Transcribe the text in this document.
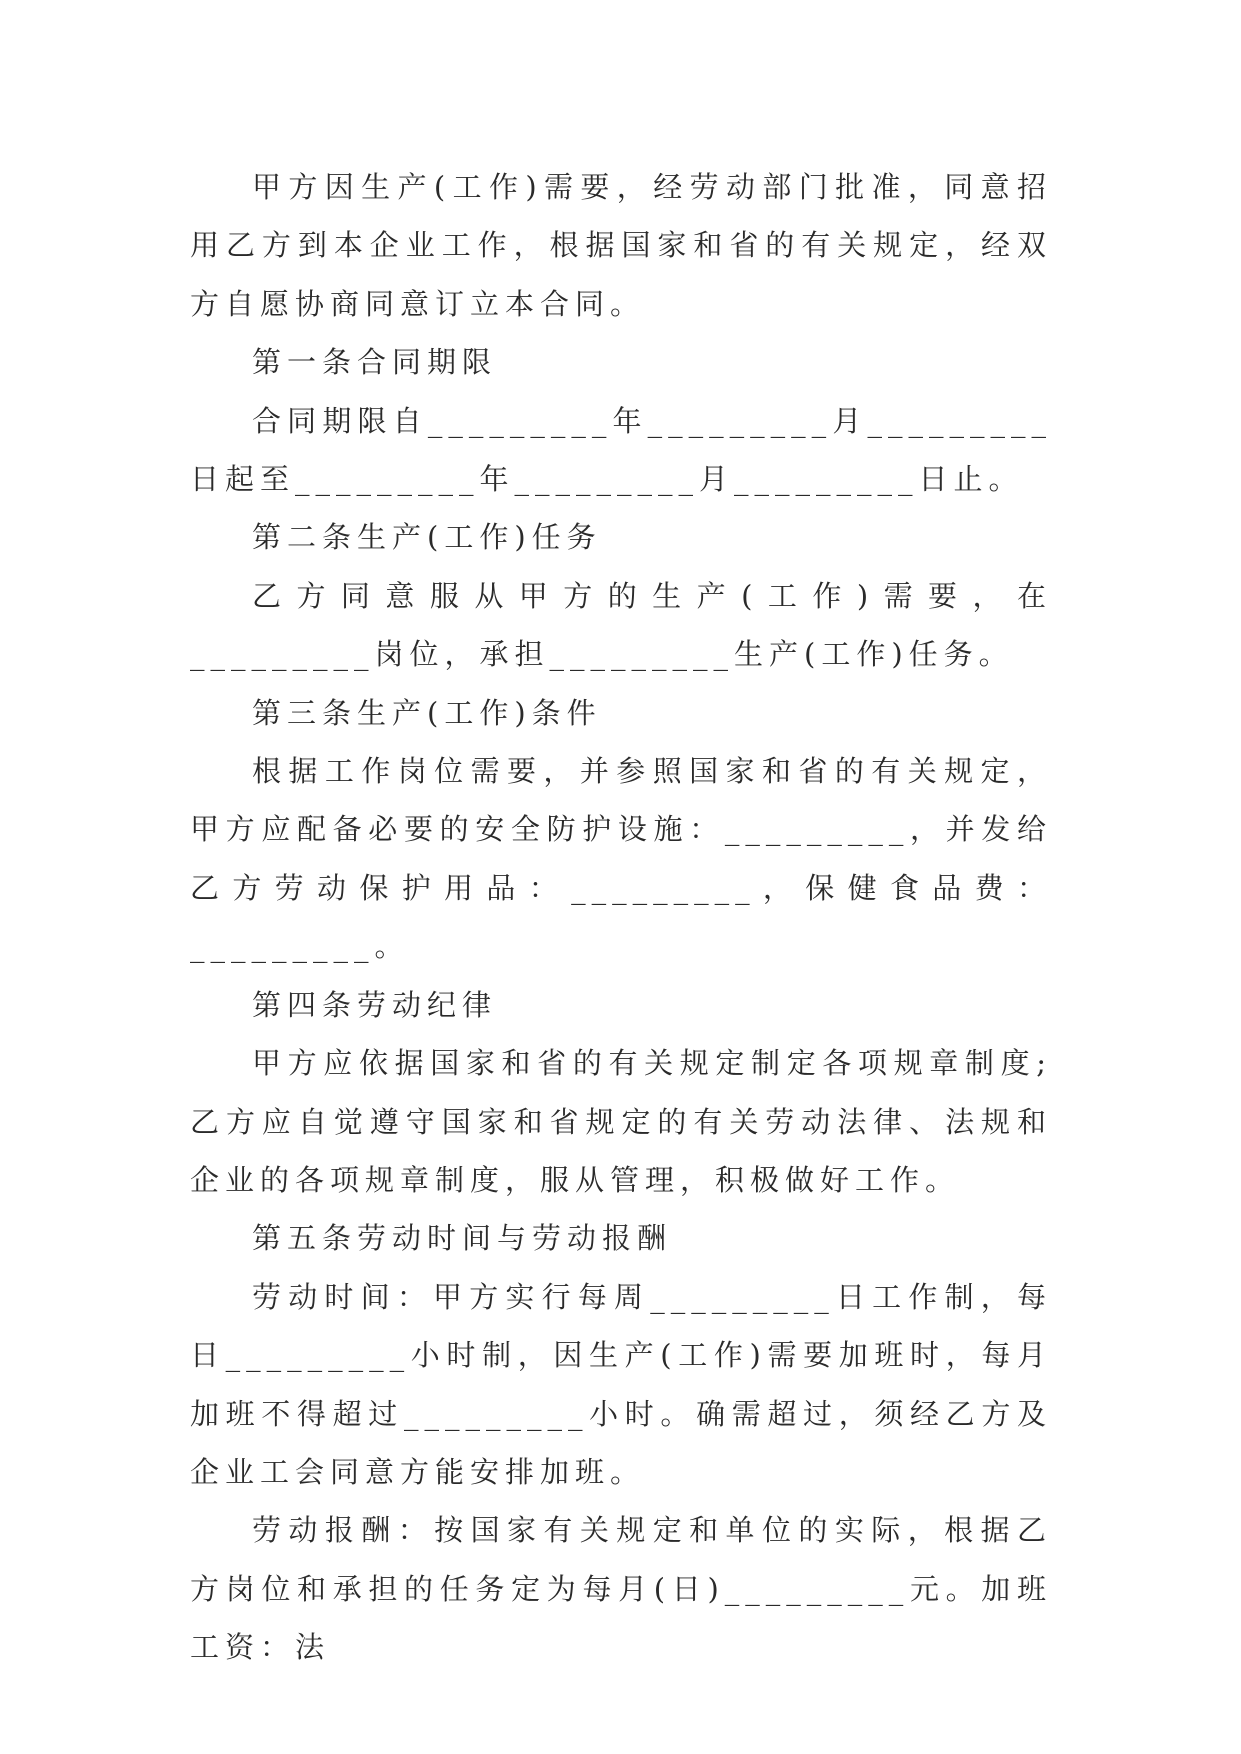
甲方因生产(工作)需要，经劳动部门批准，同意招用乙方到本企业工作，根据国家和省的有关规定，经双方自愿协商同意订立本合同。

第一条合同期限

合同期限自_________年_________月_________日起至_________年_________月_________日止。

第二条生产(工作)任务

乙方同意服从甲方的生产(工作)需要，在_________岗位，承担_________生产(工作)任务。

第三条生产(工作)条件

根据工作岗位需要，并参照国家和省的有关规定，甲方应配备必要的安全防护设施：_________，并发给乙方劳动保护用品：_________，保健食品费：_________。

第四条劳动纪律

甲方应依据国家和省的有关规定制定各项规章制度;乙方应自觉遵守国家和省规定的有关劳动法律、法规和企业的各项规章制度，服从管理，积极做好工作。

第五条劳动时间与劳动报酬

劳动时间：甲方实行每周_________日工作制，每日_________小时制，因生产(工作)需要加班时，每月加班不得超过_________小时。确需超过，须经乙方及企业工会同意方能安排加班。

劳动报酬：按国家有关规定和单位的实际，根据乙方岗位和承担的任务定为每月(日)_________元。加班工资：法
